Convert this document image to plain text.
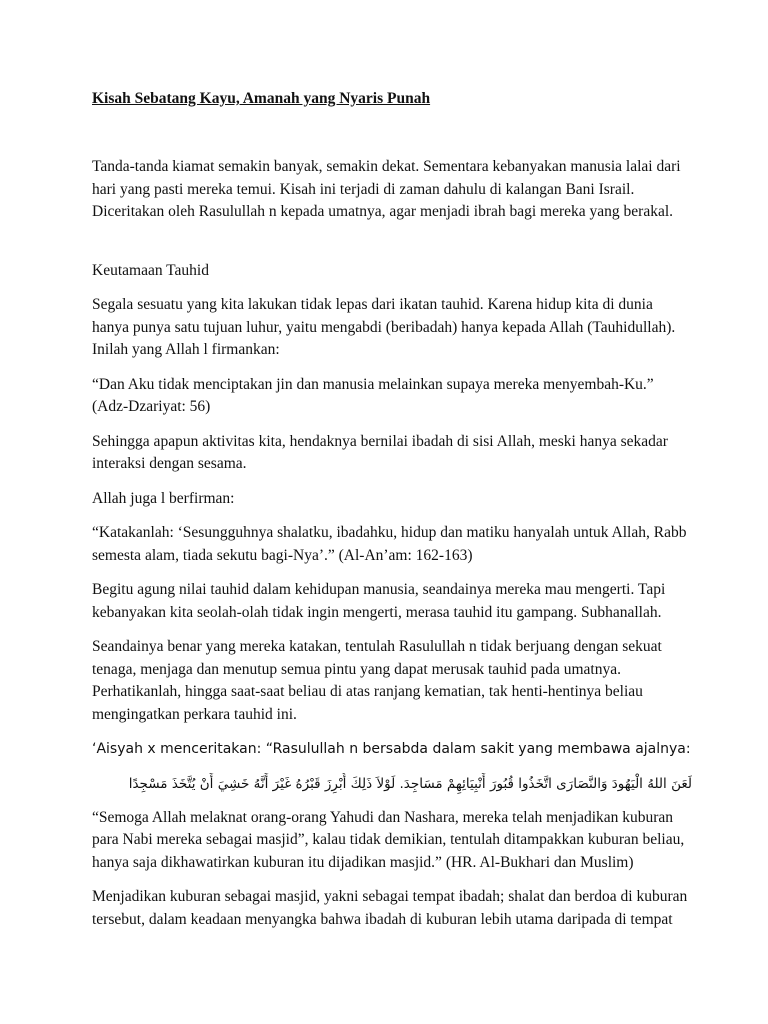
Kisah Sebatang Kayu, Amanah yang Nyaris Punah

Tanda-tanda kiamat semakin banyak, semakin dekat. Sementara kebanyakan manusia lalai dari hari yang pasti mereka temui. Kisah ini terjadi di zaman dahulu di kalangan Bani Israil. Diceritakan oleh Rasulullah n kepada umatnya, agar menjadi ibrah bagi mereka yang berakal.

Keutamaan Tauhid

Segala sesuatu yang kita lakukan tidak lepas dari ikatan tauhid. Karena hidup kita di dunia hanya punya satu tujuan luhur, yaitu mengabdi (beribadah) hanya kepada Allah (Tauhidullah). Inilah yang Allah l firmankan:

“Dan Aku tidak menciptakan jin dan manusia melainkan supaya mereka menyembah-Ku.” (Adz-Dzariyat: 56)

Sehingga apapun aktivitas kita, hendaknya bernilai ibadah di sisi Allah, meski hanya sekadar interaksi dengan sesama.

Allah juga l berfirman:

“Katakanlah: ‘Sesungguhnya shalatku, ibadahku, hidup dan matiku hanyalah untuk Allah, Rabb semesta alam, tiada sekutu bagi-Nya’.” (Al-An’am: 162-163)

Begitu agung nilai tauhid dalam kehidupan manusia, seandainya mereka mau mengerti. Tapi kebanyakan kita seolah-olah tidak ingin mengerti, merasa tauhid itu gampang. Subhanallah.

Seandainya benar yang mereka katakan, tentulah Rasulullah n tidak berjuang dengan sekuat tenaga, menjaga dan menutup semua pintu yang dapat merusak tauhid pada umatnya. Perhatikanlah, hingga saat-saat beliau di atas ranjang kematian, tak henti-hentinya beliau mengingatkan perkara tauhid ini.

‘Aisyah x menceritakan: “Rasulullah n bersabda dalam sakit yang membawa ajalnya:

لَعَنَ اللهُ الْيَهُودَ وَالنَّصَارَى اتَّخَذُوا قُبُورَ أَنْبِيَائِهِمْ مَسَاجِدَ. لَوْلاَ ذَلِكَ أُبْرِزَ قَبْرُهُ غَيْرَ أَنَّهُ خَشِيَ أَنْ يُتَّخَذَ مَسْجِدًا

“Semoga Allah melaknat orang-orang Yahudi dan Nashara, mereka telah menjadikan kuburan para Nabi mereka sebagai masjid”, kalau tidak demikian, tentulah ditampakkan kuburan beliau, hanya saja dikhawatirkan kuburan itu dijadikan masjid.” (HR. Al-Bukhari dan Muslim)

Menjadikan kuburan sebagai masjid, yakni sebagai tempat ibadah; shalat dan berdoa di kuburan tersebut, dalam keadaan menyangka bahwa ibadah di kuburan lebih utama daripada di tempat
